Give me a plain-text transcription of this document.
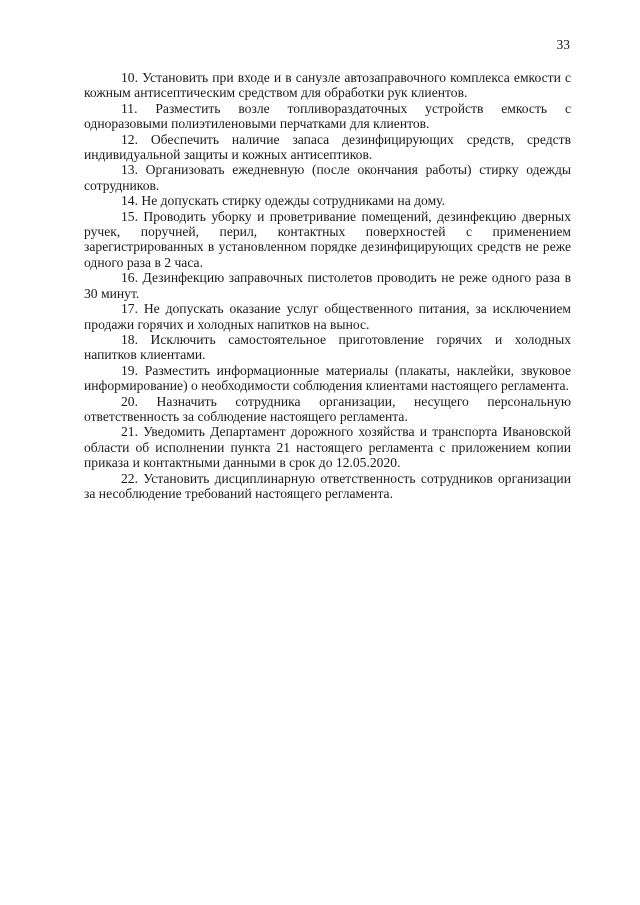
33

10. Установить при входе и в санузле автозаправочного комплекса емкости с кожным антисептическим средством для обработки рук клиентов.

11. Разместить возле топливораздаточных устройств емкость с одноразовыми полиэтиленовыми перчатками для клиентов.

12. Обеспечить наличие запаса дезинфицирующих средств, средств индивидуальной защиты и кожных антисептиков.

13. Организовать ежедневную (после окончания работы) стирку одежды сотрудников.

14. Не допускать стирку одежды сотрудниками на дому.

15. Проводить уборку и проветривание помещений, дезинфекцию дверных ручек, поручней, перил, контактных поверхностей с применением зарегистрированных в установленном порядке дезинфицирующих средств не реже одного раза в 2 часа.

16. Дезинфекцию заправочных пистолетов проводить не реже одного раза в 30 минут.

17. Не допускать оказание услуг общественного питания, за исключением продажи горячих и холодных напитков на вынос.

18. Исключить самостоятельное приготовление горячих и холодных напитков клиентами.

19. Разместить информационные материалы (плакаты, наклейки, звуковое информирование) о необходимости соблюдения клиентами настоящего регламента.

20. Назначить сотрудника организации, несущего персональную ответственность за соблюдение настоящего регламента.

21. Уведомить Департамент дорожного хозяйства и транспорта Ивановской области об исполнении пункта 21 настоящего регламента с приложением копии приказа и контактными данными в срок до 12.05.2020.

22. Установить дисциплинарную ответственность сотрудников организации за несоблюдение требований настоящего регламента.
